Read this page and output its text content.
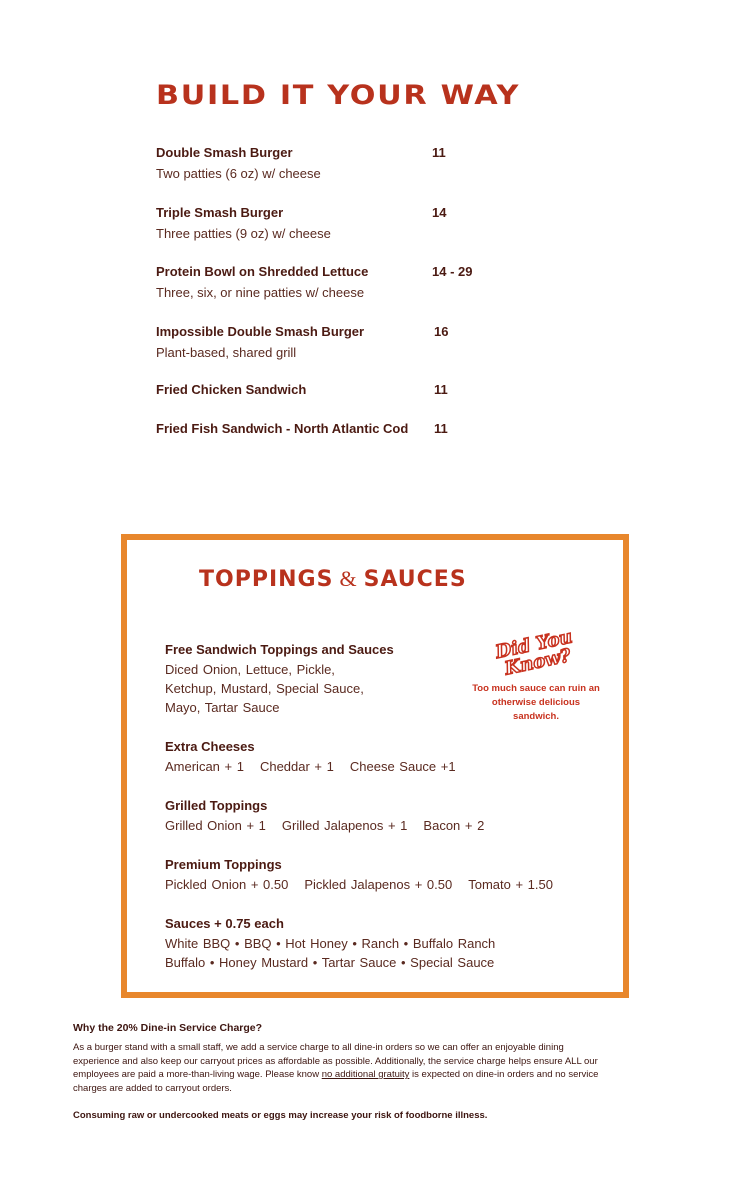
BUILD IT YOUR WAY
Double Smash Burger
Two patties (6 oz) w/ cheese
11
Triple Smash Burger
Three patties (9 oz) w/ cheese
14
Protein Bowl on Shredded Lettuce
Three, six, or nine patties w/ cheese
14 - 29
Impossible Double Smash Burger
Plant-based, shared grill
16
Fried Chicken Sandwich	11
Fried Fish Sandwich - North Atlantic Cod 11
TOPPINGS & SAUCES
Free Sandwich Toppings and Sauces
Diced Onion, Lettuce, Pickle,
Ketchup, Mustard, Special Sauce,
Mayo, Tartar Sauce
Did You Know?
Too much sauce can ruin an
otherwise delicious sandwich.
Extra Cheeses
American + 1 Cheddar + 1 Cheese Sauce +1
Grilled Toppings
Grilled Onion + 1 Grilled Jalapenos + 1 Bacon + 2
Premium Toppings
Pickled Onion + 0.50 Pickled Jalapenos + 0.50 Tomato + 1.50
Sauces + 0.75 each
White BBQ • BBQ • Hot Honey • Ranch • Buffalo Ranch
Buffalo • Honey Mustard • Tartar Sauce • Special Sauce
Why the 20% Dine-in Service Charge?
As a burger stand with a small staff, we add a service charge to all dine-in orders so we can offer an enjoyable dining experience and also keep our carryout prices as affordable as possible. Additionally, the service charge helps ensure ALL our employees are paid a more-than-living wage. Please know no additional gratuity is expected on dine-in orders and no service charges are added to carryout orders.
Consuming raw or undercooked meats or eggs may increase your risk of foodborne illness.
